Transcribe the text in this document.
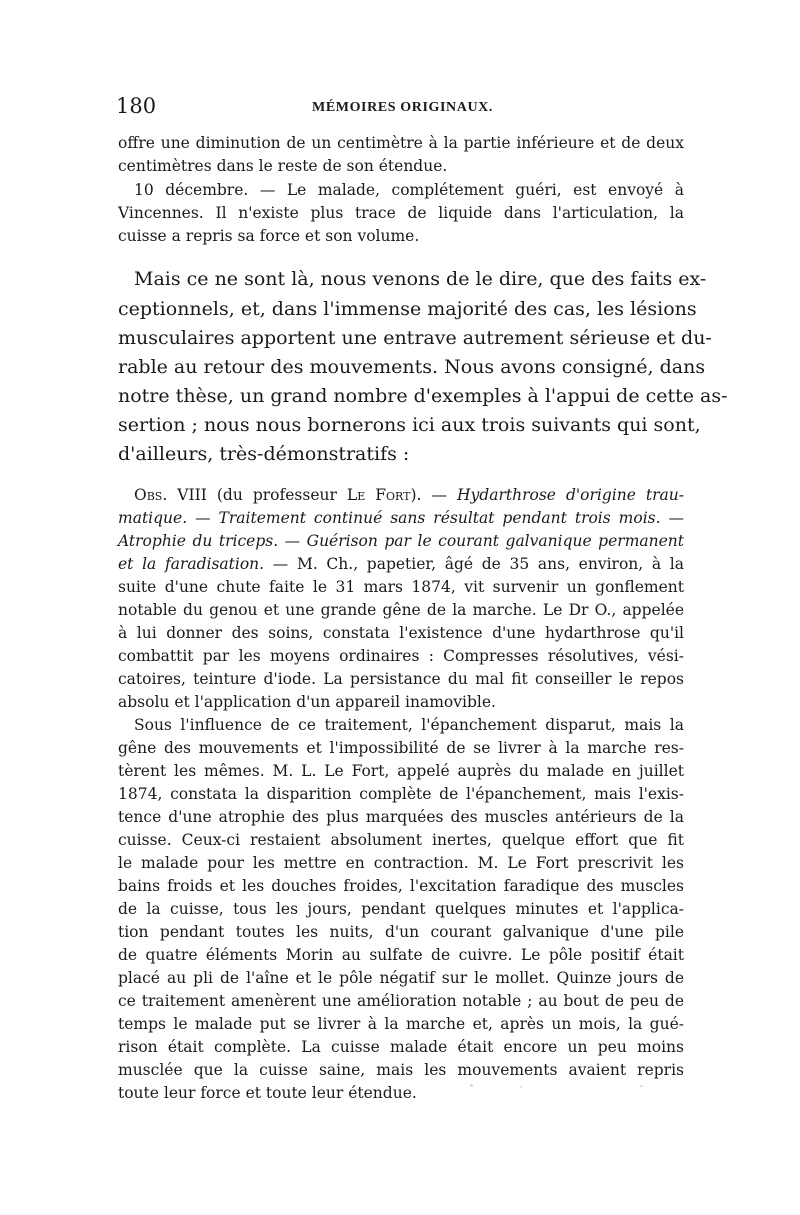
180	MÉMOIRES ORIGINAUX.
offre une diminution de un centimètre à la partie inférieure et de deux
centimètres dans le reste de son étendue.
10 décembre. — Le malade, complétement guéri, est envoyé à
Vincennes. Il n'existe plus trace de liquide dans l'articulation, la
cuisse a repris sa force et son volume.
Mais ce ne sont là, nous venons de le dire, que des faits ex-
ceptionnels, et, dans l'immense majorité des cas, les lésions
musculaires apportent une entrave autrement sérieuse et du-
rable au retour des mouvements. Nous avons consigné, dans
notre thèse, un grand nombre d'exemples à l'appui de cette as-
sertion ; nous nous bornerons ici aux trois suivants qui sont,
d'ailleurs, très-démonstratifs :
Obs. VIII (du professeur Le Fort). — Hydarthrose d'origine trau-
matique. — Traitement continué sans résultat pendant trois mois. —
Atrophie du triceps. — Guérison par le courant galvanique permanent
et la faradisation. — M. Ch., papetier, âgé de 35 ans, environ, à la
suite d'une chute faite le 31 mars 1874, vit survenir un gonflement
notable du genou et une grande gêne de la marche. Le Dr O., appelée
à lui donner des soins, constata l'existence d'une hydarthrose qu'il
combattit par les moyens ordinaires : Compresses résolutives, vési-
catoires, teinture d'iode. La persistance du mal fit conseiller le repos
absolu et l'application d'un appareil inamovible.
Sous l'influence de ce traitement, l'épanchement disparut, mais la
gêne des mouvements et l'impossibilité de se livrer à la marche res-
tèrent les mêmes. M. L. Le Fort, appelé auprès du malade en juillet
1874, constata la disparition complète de l'épanchement, mais l'exis-
tence d'une atrophie des plus marquées des muscles antérieurs de la
cuisse. Ceux-ci restaient absolument inertes, quelque effort que fit
le malade pour les mettre en contraction. M. Le Fort prescrivit les
bains froids et les douches froides, l'excitation faradique des muscles
de la cuisse, tous les jours, pendant quelques minutes et l'applica-
tion pendant toutes les nuits, d'un courant galvanique d'une pile
de quatre éléments Morin au sulfate de cuivre. Le pôle positif était
placé au pli de l'aîne et le pôle négatif sur le mollet. Quinze jours de
ce traitement amenèrent une amélioration notable ; au bout de peu de
temps le malade put se livrer à la marche et, après un mois, la gué-
rison était complète. La cuisse malade était encore un peu moins
musclée que la cuisse saine, mais les mouvements avaient repris
toute leur force et toute leur étendue.
